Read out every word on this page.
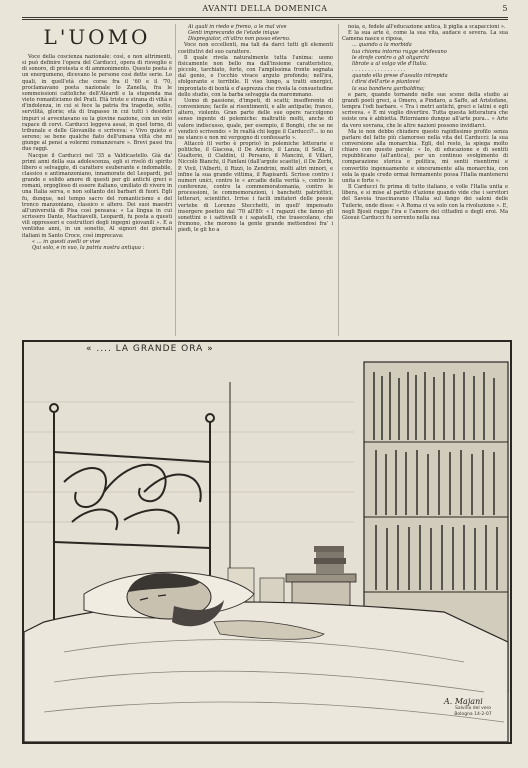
AVANTI DELLA DOMENICA	5
L'UOMO

Voce della coscienza nazionale: così, e non altrimenti, si può definire l'opera del Carducci, opera di risveglio e di sonoro, di protesta e di ammonimento. Questo poeta è un energumeno, dicevano le persone così dette serie. Lo quali, in quell'età che corse fra il '60 e il '70, proclamavano poeta nazionale lo Zanella, fra le sommeissioni cattoliche dell'Aleardi e la stupenda ma vieto romanticismo del Prati. Età triste e strana di viltà e d'indolenza, in cui si fece la patria fra tragedie, sotto, servilità, glorie; età di trapasso in cui tutti i desideri impuri si avventavano su la giovine nazione, con un volo rapace di corvi. Carducci leggeva assai, in quel torno, di tribunale e delle Giovanilie e scriveva: « Vivo quieto e sereno; se bene qualche fiato dell'umana viltà che mi giunge al pensi a volermi romanzevare ». Brevi passi tra due raggi.

Nacque il Carducci nel '35 a Valdicastello. Già da' primi anni della sua adolescenza, egli si rivelò di spirito libero e selvaggio, di carattere esuberante e indomabile, classico e antimanzoniano, innamorato del Leopardi, pel grande e solido amore di questi per gli antichi greci e romani, orgoglioso di essere italiano, umiliato di vivere in una Italia serva, e non soltanto dei barbari di fuori. Egli fu, dunque, nel tempo sacro del romanticismo e del tronco manzoniano, classico e altero. Dei suoi maestri all'università di Pisa così pensava: « La lingua in cui scrissero Dante, Machiavelli, Leopardi, fu posta a questi vili oppressori e costruttori degli ingegni giovanili ». E a ventidue anni, in un sonetto, Al signori dei giornali italiani in Santo Croce, così imprecava:

« ... in questi avelli or vive

Qui solo, e in vuo, la patria nostra antiqua :

Ai quali in riedo e fremo, a le mal vive

Genti imprecando de l'etade inique

Dispregiator, ch'altro non posso eterno.

Voce non eccellenti, ma tali da darci tutti gli elementi costitutivi del suo carattere.

Il quale rivela naturalmente tutta l'anima: uomo fisicamente non bello ma dall'insieme caratteristico, piccolo, tarchiato, forte, con l'amplissima fronte segnata dal genio, e l'occhio vivace arguto profondo; nell'ira, sfolgorante e terribile. Il viso lungo, a tratti energici, improntato di bontà e d'asprezza che rivela la consuetudine dello studio, con la barba selvaggia da maremmano.

Uomo di passione, d'impeti, di scatti; insofferente di convenienze; facile ai risentimenti, e alle antipatie; franco, altero, violento. Gran parte delle sue opere raccolgono senso ingente di polemiche: maltrattò molti, anche di valore indiscusso, quale, per esempio, il Bonghi, che se ne vendicò scrivendo: « In realtà chi legge il Carducci?... io no ne stanco e non mi vergogno di confessarlo ».

Attaccò (il verbo è proprio) in polemiche letterarie e politiche, il Giacosa, il De Amicis, il Lanza, il Sella, il Gualterio, il Cialdini, il Persano, il Mancini, il Villari, Niccolò Bianchi, il Fanfani (dall'argute scaette), il De Zerbi, P. Vivil, l'Alberti, il Rizzi, lo Zendrini, molti altri minori, e infine la sua grande vittima, il Rapisardi. Scrisse contro i numeri unici, contro le « arcadie della verità », contro le conferenze, contro la commemoratomania, contro le processioni, le commemorazioni, i banchetti patriottici, letterari, scientifici. Irrise i facili imitatori delle poesie vertebe di Lorenzo Stecchetti, in quell' impensato insorgere poetico dal '70 all'80: « I ragazzi che fanno gli sonettini o i sattivelli e i sapatelli, che trasecolano, che fremono, che morono la gente grande mettendosi fra' i piedi, le gli ho a

noia, e, fedele all'educazione antica, li piglia a scapaccioni ».

E la sua arte è, come la sua vita, audace e severa. La sua Camena nasce e riposa,

... quando a la morbida

tua chioma intorno rugge stridevano

le strofe contro a gli oligarchi

librate a al volgo vile d'Italia.

. . . . . . . . . . . . . . . . .

quando ella prese d'assalto intrepida

i dirsi dell'arte e piantovvi

la sua bandiera garibaldina;

e pare, quando tornando nelle sue scene della studio ai grandi poeti greci, a Omero, a Pindaro, a Saffo, ad Aristofane, tempra l'odi barbare. « Tra i metri antichi, greci e latini e egli scriveva. « E mi voglio divertire. Tutta questa letteratura che esiste ora è abbietta. Ritorniamo dunque all'arte pura... » Arte da vero sovrana, che le altre nazioni possono invidiarci.

Ma io non debbo chiudere questo rapidissimo profilo senza parlare del fatto più clamoroso nella vita del Carducci: la sua conversione alla monarchia. Egli, del resto, la spiega molto chiaro con queste parole: « Io, di educazione e di sentiti repubblicano (all'antica), per un continuo svolgimento di comparazione storica e politica, mi sentii risentirmi e convertito ingenuamente e sinceramente alla monarchia, con sola la quale credo ormai fermamente possa l'Italia mantenersi unita e forte ».

Il Carducci fu prima di tutto italiano, e volle l'Italia unita e libera, e si mise al partito d'azione quando vide che i servitori del Savoia trascinavano l'Italia sul fango dei saloni delle Tuilerie, onde disse: « A Roma ci va solo con la rivoluzione ». E, negli Bjosii rugge l'ira e l'amore dei cittadini e degli eroi. Ma Giosuè Carducci fu sorrento nella sua

A. Majani
« .... LA GRANDE ORA »
Salvino del vero
Bologna 14-2-07
